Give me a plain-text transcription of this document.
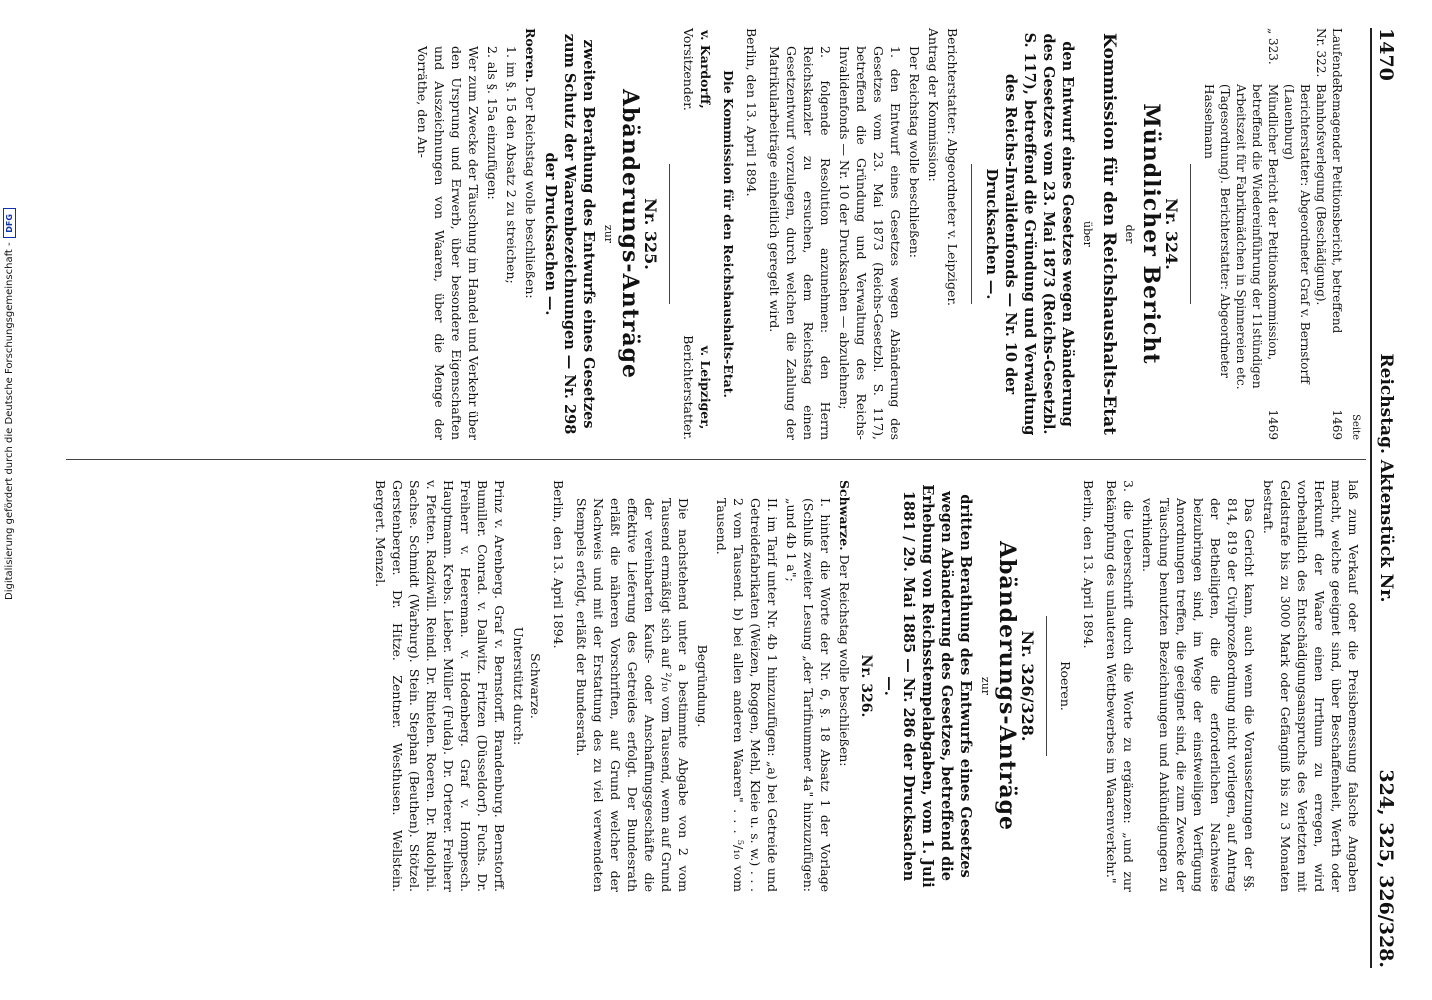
1470
Reichstag. Aktenstück Nr.
324, 325, 326/328.
Seite
Laufende Nr. 322.
Remagender Petitionsbericht, betreffend Bahnhofsverlegung (Beschädigung). Berichterstatter: Abgeordneter Graf v. Bernstorff (Lauenburg)
1469
„ 323.
Mündlicher Bericht der Petitionskommission, betreffend die Wiedereinführung der 11stündigen Arbeitszeit für Fabrikmädchen in Spinnereien etc. (Tagesordnung). Berichterstatter: Abgeordneter Hasselmann
1469
Nr. 324.
Mündlicher Bericht
der
Kommission für den Reichshaushalts-Etat
über
den Entwurf eines Gesetzes wegen Abänderung des Gesetzes vom 23. Mai 1873 (Reichs-Gesetzbl. S. 117), betreffend die Gründung und Verwaltung des Reichs-Invalidenfonds — Nr. 10 der Drucksachen —.
Berichterstatter: Abgeordneter v. Leipziger.
Antrag der Kommission:
Der Reichstag wolle beschließen:
1. den Entwurf eines Gesetzes wegen Abänderung des Gesetzes vom 23. Mai 1873 (Reichs-Gesetzbl. S. 117), betreffend die Gründung und Verwaltung des Reichs-Invalidenfonds — Nr. 10 der Drucksachen — abzulehnen;
2. folgende Resolution anzunehmen: den Herrn Reichskanzler zu ersuchen, dem Reichstag einen Gesetzentwurf vorzulegen, durch welchen die Zahlung der Matrikularbeiträge einheitlich geregelt wird.
Berlin, den 13. April 1894.
Die Kommission für den Reichshaushalts-Etat.
v. Kardorff,
Vorsitzender.
v. Leipziger,
Berichterstatter.
Nr. 325.
Abänderungs-Anträge
zur
zweiten Berathung des Entwurfs eines Gesetzes zum Schutz der Waarenbezeichnungen — Nr. 298 der Drucksachen —.
Roeren. Der Reichstag wolle beschließen:
1. im §. 15 den Absatz 2 zu streichen;
2. als §. 15a einzufügen:
Wer zum Zwecke der Täuschung im Handel und Verkehr über den Ursprung und Erwerb, über besondere Eigenschaften und Auszeichnungen von Waaren, über die Menge der Vorräthe, den An-
laß zum Verkauf oder die Preisbemessung falsche Angaben macht, welche geeignet sind, über Beschaffenheit, Werth oder Herkunft der Waare einen Irrthum zu erregen, wird vorbehaltlich des Entschädigungsanspruchs des Verletzten mit Geldstrafe bis zu 3000 Mark oder Gefängniß bis zu 3 Monaten bestraft.
Das Gericht kann, auch wenn die Voraussetzungen der §§. 814, 819 der Civilprozeßordnung nicht vorliegen, auf Antrag der Betheiligten, die die erforderlichen Nachweise beizubringen sind, im Wege der einstweiligen Verfügung Anordnungen treffen, die geeignet sind, die zum Zwecke der Täuschung benutzten Bezeichnungen und Ankündigungen zu verhindern.
3. die Ueberschrift durch die Worte zu ergänzen: „und zur Bekämpfung des unlauteren Wettbewerbes im Waarenverkehr."
Berlin, den 13. April 1894.
Roeren.
Nr. 326/328.
Abänderungs-Anträge
zur
dritten Berathung des Entwurfs eines Gesetzes wegen Abänderung des Gesetzes, betreffend die Erhebung von Reichsstempelabgaben, vom 1. Juli 1881 / 29. Mai 1885 — Nr. 286 der Drucksachen —.
Nr. 326.
Schwarze. Der Reichstag wolle beschließen:
I. hinter die Worte der Nr. 6, §. 18 Absatz 1 der Vorlage (Schluß zweiter Lesung „der Tarifnummer 4a" hinzuzufügen: „und 4b 1 a";
II. im Tarif unter Nr. 4b 1 hinzuzufügen: „a) bei Getreide und Getreidefabrikaten (Weizen, Roggen, Mehl, Kleie u. s. w.) . . . 2 vom Tausend. b) bei allen anderen Waaren" . . . ⁵/₁₀ vom Tausend.
Begründung.
Die nachstehend unter a bestimmte Abgabe von 2 vom Tausend ermäßigt sich auf ²/₁₀ vom Tausend, wenn auf Grund der vereinbarten Kaufs- oder Anschaffungsgeschäfte die effektive Lieferung des Getreides erfolgt. Der Bundesrath erläßt die näheren Vorschriften, auf Grund welcher der Nachweis und mit der Erstattung des zu viel verwendeten Stempels erfolgt, erläßt der Bundesrath.
Berlin, den 13. April 1894.
Schwarze.
Unterstützt durch:
Prinz v. Arenberg. Graf v. Bernstorff. Brandenburg. Bernstorff. Bumiller. Conrad. v. Dallwitz. Fritzen (Düsseldorf). Fuchs. Dr. Freiherr v. Heereman. v. Hodenberg. Graf v. Hompesch. Hauptmann. Krebs. Lieber. Müller (Fulda). Dr. Orterer. Freiherr v. Pfetten. Radziwill. Reindl. Dr. Rintelen. Roeren. Dr. Rudolphi. Sachse. Schmidt (Warburg). Stein. Stephan (Beuthen). Stötzel. Gerstenberger. Dr. Hitze. Zentner. Westhusen. Wellstein. Bergert. Menzel.
Digitalisierung gefördert durch die Deutsche Forschungsgemeinschaft -
DFG
